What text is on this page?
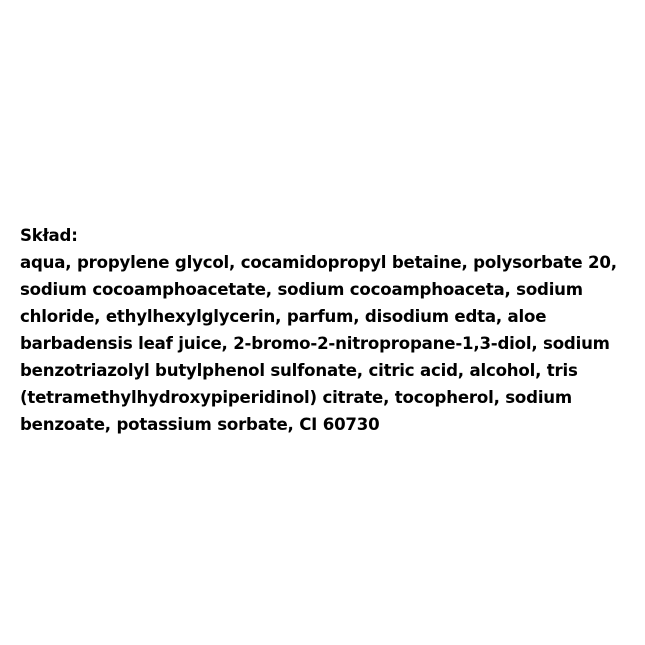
Skład:
aqua, propylene glycol, cocamidopropyl betaine, polysorbate 20,
sodium cocoamphoacetate, sodium cocoamphoaceta, sodium
chloride, ethylhexylglycerin, parfum, disodium edta, aloe
barbadensis leaf juice, 2-bromo-2-nitropropane-1,3-diol, sodium
benzotriazolyl butylphenol sulfonate, citric acid, alcohol, tris
(tetramethylhydroxypiperidinol) citrate, tocopherol, sodium
benzoate, potassium sorbate, CI 60730
